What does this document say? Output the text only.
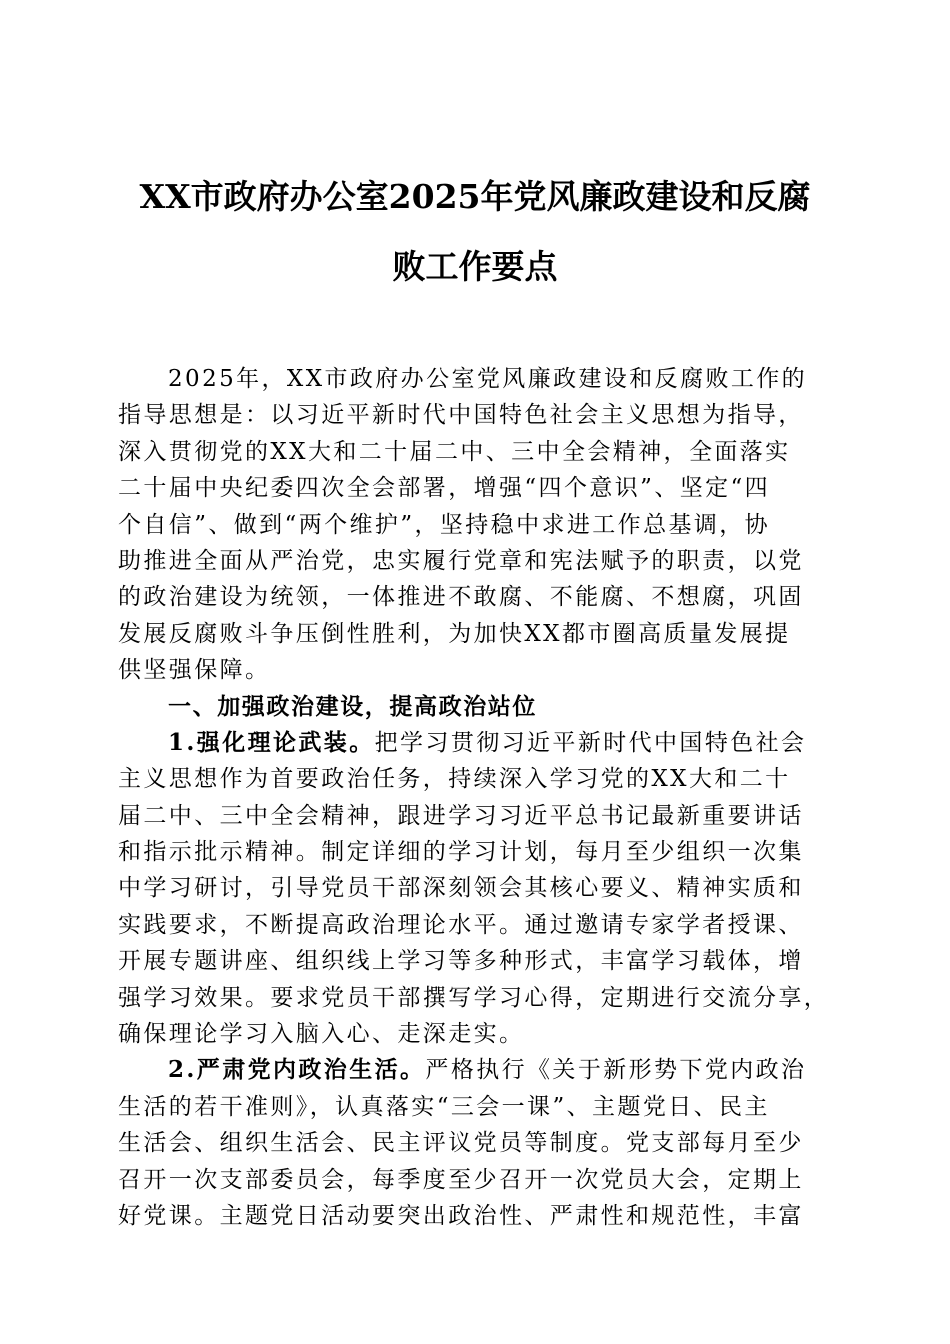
XX市政府办公室2025年党风廉政建设和反腐
败工作要点
2025年，XX市政府办公室党风廉政建设和反腐败工作的
指导思想是：以习近平新时代中国特色社会主义思想为指导，
深入贯彻党的XX大和二十届二中、三中全会精神，全面落实
二十届中央纪委四次全会部署，增强“四个意识”、坚定“四
个自信”、做到“两个维护”，坚持稳中求进工作总基调，协
助推进全面从严治党，忠实履行党章和宪法赋予的职责，以党
的政治建设为统领，一体推进不敢腐、不能腐、不想腐，巩固
发展反腐败斗争压倒性胜利，为加快XX都市圈高质量发展提
供坚强保障。
一、加强政治建设，提高政治站位
1.强化理论武装。把学习贯彻习近平新时代中国特色社会
主义思想作为首要政治任务，持续深入学习党的XX大和二十
届二中、三中全会精神，跟进学习习近平总书记最新重要讲话
和指示批示精神。制定详细的学习计划，每月至少组织一次集
中学习研讨，引导党员干部深刻领会其核心要义、精神实质和
实践要求，不断提高政治理论水平。通过邀请专家学者授课、
开展专题讲座、组织线上学习等多种形式，丰富学习载体，增
强学习效果。要求党员干部撰写学习心得，定期进行交流分享，
确保理论学习入脑入心、走深走实。
2.严肃党内政治生活。严格执行《关于新形势下党内政治
生活的若干准则》，认真落实“三会一课”、主题党日、民主
生活会、组织生活会、民主评议党员等制度。党支部每月至少
召开一次支部委员会，每季度至少召开一次党员大会，定期上
好党课。主题党日活动要突出政治性、严肃性和规范性，丰富
